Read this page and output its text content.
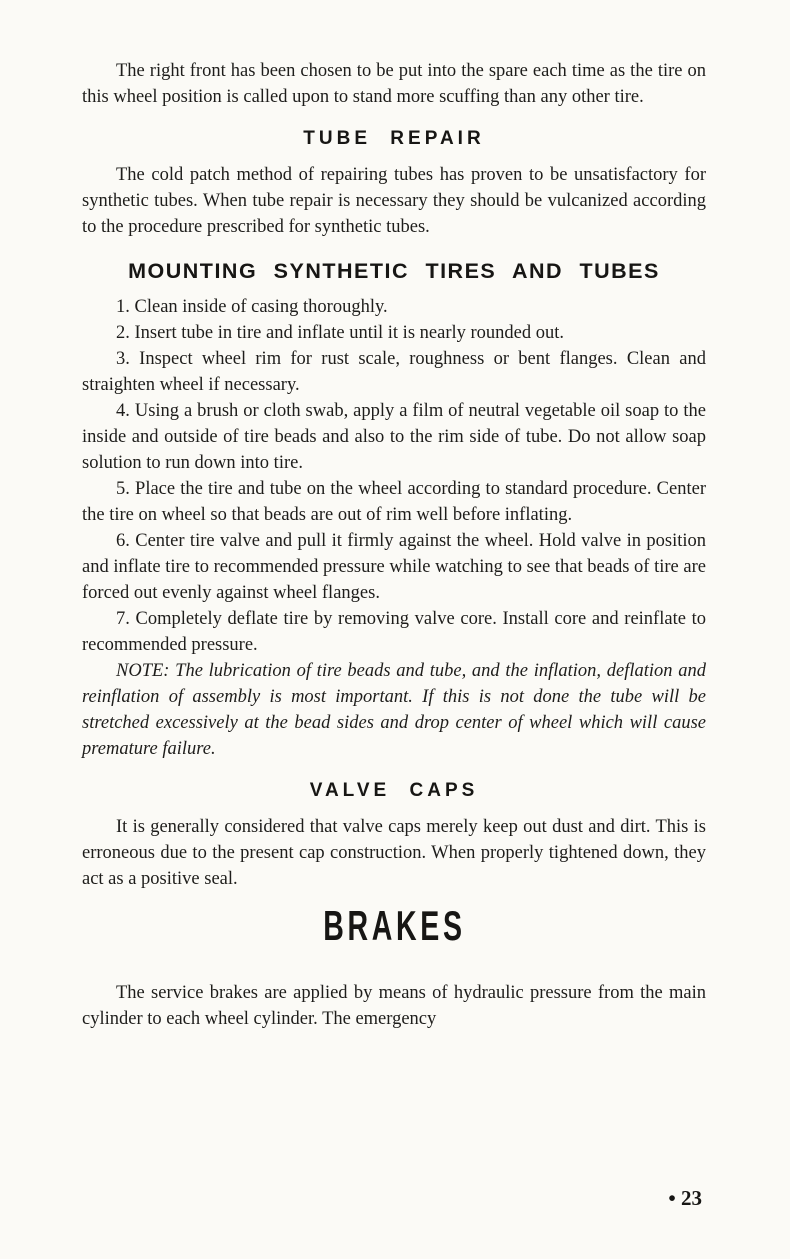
The right front has been chosen to be put into the spare each time as the tire on this wheel position is called upon to stand more scuffing than any other tire.

TUBE REPAIR

The cold patch method of repairing tubes has proven to be unsatisfactory for synthetic tubes. When tube repair is necessary they should be vulcanized according to the procedure prescribed for synthetic tubes.

MOUNTING SYNTHETIC TIRES AND TUBES

1. Clean inside of casing thoroughly.

2. Insert tube in tire and inflate until it is nearly rounded out.

3. Inspect wheel rim for rust scale, roughness or bent flanges. Clean and straighten wheel if necessary.

4. Using a brush or cloth swab, apply a film of neutral vegetable oil soap to the inside and outside of tire beads and also to the rim side of tube. Do not allow soap solution to run down into tire.

5. Place the tire and tube on the wheel according to standard procedure. Center the tire on wheel so that beads are out of rim well before inflating.

6. Center tire valve and pull it firmly against the wheel. Hold valve in position and inflate tire to recommended pressure while watching to see that beads of tire are forced out evenly against wheel flanges.

7. Completely deflate tire by removing valve core. Install core and reinflate to recommended pressure.

NOTE: The lubrication of tire beads and tube, and the inflation, deflation and reinflation of assembly is most important. If this is not done the tube will be stretched excessively at the bead sides and drop center of wheel which will cause premature failure.

VALVE CAPS

It is generally considered that valve caps merely keep out dust and dirt. This is erroneous due to the present cap construction. When properly tightened down, they act as a positive seal.

BRAKES

The service brakes are applied by means of hydraulic pressure from the main cylinder to each wheel cylinder. The emergency

• 23
